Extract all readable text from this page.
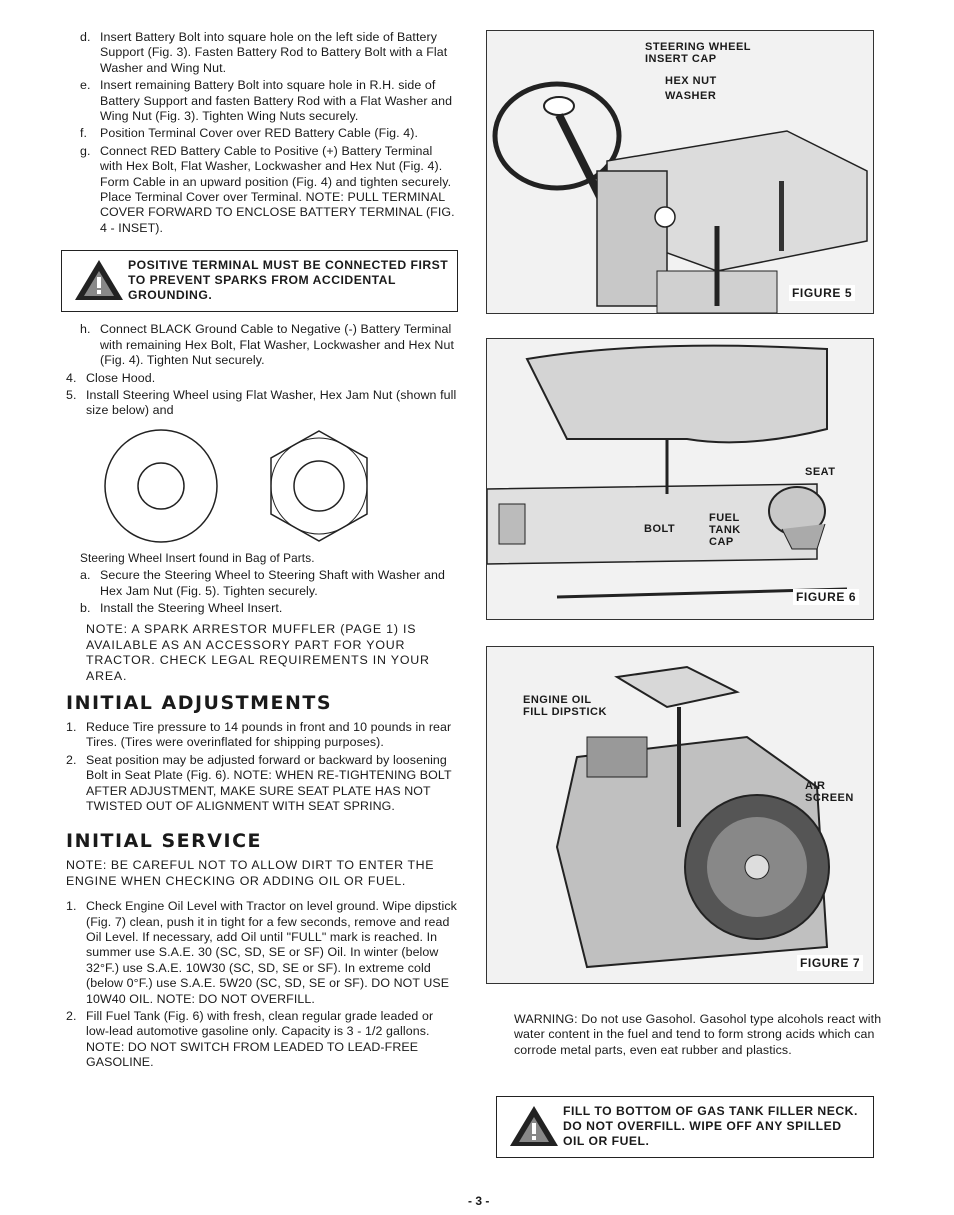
d. Insert Battery Bolt into square hole on the left side of Battery Support (Fig. 3). Fasten Battery Rod to Battery Bolt with a Flat Washer and Wing Nut.
e. Insert remaining Battery Bolt into square hole in R.H. side of Battery Support and fasten Battery Rod with a Flat Washer and Wing Nut (Fig. 3). Tighten Wing Nuts securely.
f.	Position Terminal Cover over RED Battery Cable (Fig. 4).
g. Connect RED Battery Cable to Positive (+) Battery Terminal with Hex Bolt, Flat Washer, Lockwasher and Hex Nut (Fig. 4). Form Cable in an upward position (Fig. 4) and tighten securely. Place Terminal Cover over Terminal. NOTE: PULL TERMINAL COVER FORWARD TO ENCLOSE BATTERY TERMINAL (FIG. 4 - INSET).
POSITIVE TERMINAL MUST BE CONNECTED FIRST TO PREVENT SPARKS FROM ACCIDENTAL GROUNDING.
h. Connect BLACK Ground Cable to Negative (-) Battery Terminal with remaining Hex Bolt, Flat Washer, Lockwasher and Hex Nut (Fig. 4). Tighten Nut securely.
4. Close Hood.
5. Install Steering Wheel using Flat Washer, Hex Jam Nut (shown full size below) and
Steering Wheel Insert found in Bag of Parts.
a. Secure the Steering Wheel to Steering Shaft with Washer and Hex Jam Nut (Fig. 5). Tighten securely.
b. Install the Steering Wheel Insert.
NOTE: A SPARK ARRESTOR MUFFLER (PAGE 1) IS AVAILABLE AS AN ACCESSORY PART FOR YOUR TRACTOR. CHECK LEGAL REQUIREMENTS IN YOUR AREA.
INITIAL ADJUSTMENTS
1. Reduce Tire pressure to 14 pounds in front and 10 pounds in rear Tires. (Tires were overinflated for shipping purposes).
2. Seat position may be adjusted forward or backward by loosening Bolt in Seat Plate (Fig. 6). NOTE: WHEN RE-TIGHTENING BOLT AFTER ADJUSTMENT, MAKE SURE SEAT PLATE HAS NOT TWISTED OUT OF ALIGNMENT WITH SEAT SPRING.
INITIAL SERVICE
NOTE: BE CAREFUL NOT TO ALLOW DIRT TO ENTER THE ENGINE WHEN CHECKING OR ADDING OIL OR FUEL.
1. Check Engine Oil Level with Tractor on level ground. Wipe dipstick (Fig. 7) clean, push it in tight for a few seconds, remove and read Oil Level. If necessary, add Oil until "FULL" mark is reached. In summer use S.A.E. 30 (SC, SD, SE or SF) Oil. In winter (below 32°F.) use S.A.E. 10W30 (SC, SD, SE or SF). In extreme cold (below 0°F.) use S.A.E. 5W20 (SC, SD, SE or SF). DO NOT USE 10W40 OIL. NOTE: DO NOT OVERFILL.
2. Fill Fuel Tank (Fig. 6) with fresh, clean regular grade leaded or low-lead automotive gasoline only. Capacity is 3 - 1/2 gallons. NOTE: DO NOT SWITCH FROM LEADED TO LEAD-FREE GASOLINE.
STEERING WHEEL INSERT CAP
HEX NUT
WASHER
FIGURE 5
SEAT
FUEL TANK CAP
BOLT
FIGURE 6
ENGINE OIL FILL DIPSTICK
AIR SCREEN
FIGURE 7
WARNING: Do not use Gasohol. Gasohol type alcohols react with water content in the fuel and tend to form strong acids which can corrode metal parts, even eat rubber and plastics.
FILL TO BOTTOM OF GAS TANK FILLER NECK. DO NOT OVERFILL. WIPE OFF ANY SPILLED OIL OR FUEL.
- 3 -
